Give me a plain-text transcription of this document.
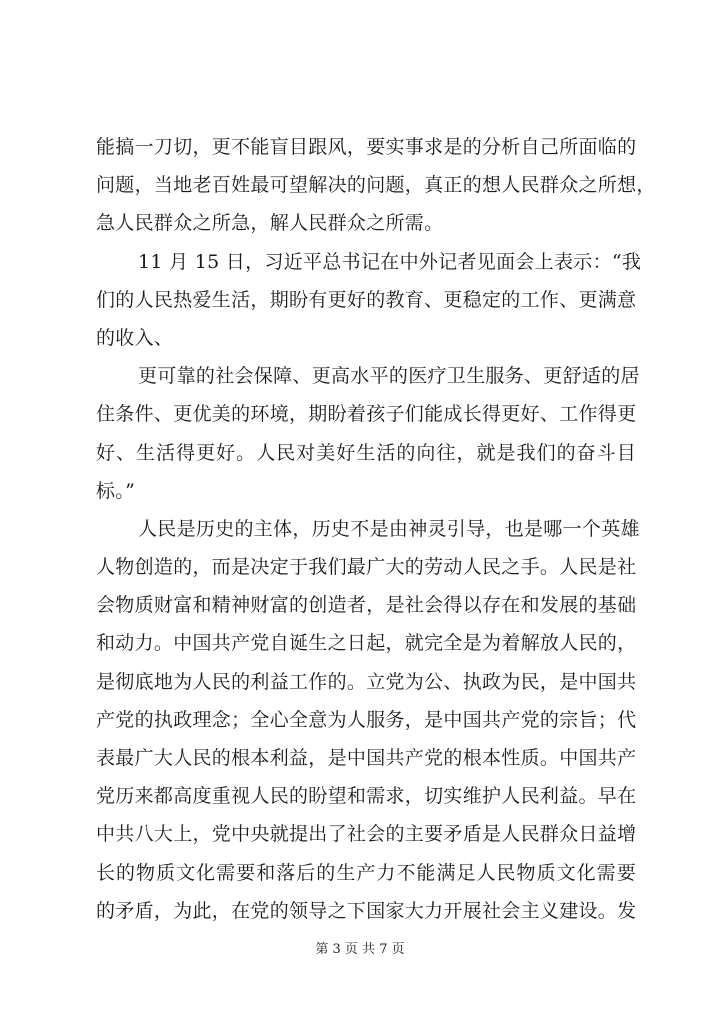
能搞一刀切，更不能盲目跟风，要实事求是的分析自己所面临的
问题，当地老百姓最可望解决的问题，真正的想人民群众之所想，
急人民群众之所急，解人民群众之所需。
11 月 15 日，习近平总书记在中外记者见面会上表示：“我
们的人民热爱生活，期盼有更好的教育、更稳定的工作、更满意
的收入、
更可靠的社会保障、更高水平的医疗卫生服务、更舒适的居
住条件、更优美的环境，期盼着孩子们能成长得更好、工作得更
好、生活得更好。人民对美好生活的向往，就是我们的奋斗目
标。”
人民是历史的主体，历史不是由神灵引导，也是哪一个英雄
人物创造的，而是决定于我们最广大的劳动人民之手。人民是社
会物质财富和精神财富的创造者，是社会得以存在和发展的基础
和动力。中国共产党自诞生之日起，就完全是为着解放人民的，
是彻底地为人民的利益工作的。立党为公、执政为民，是中国共
产党的执政理念；全心全意为人服务，是中国共产党的宗旨；代
表最广大人民的根本利益，是中国共产党的根本性质。中国共产
党历来都高度重视人民的盼望和需求，切实维护人民利益。早在
中共八大上，党中央就提出了社会的主要矛盾是人民群众日益增
长的物质文化需要和落后的生产力不能满足人民物质文化需要
的矛盾，为此，在党的领导之下国家大力开展社会主义建设。发
第 3 页 共 7 页
